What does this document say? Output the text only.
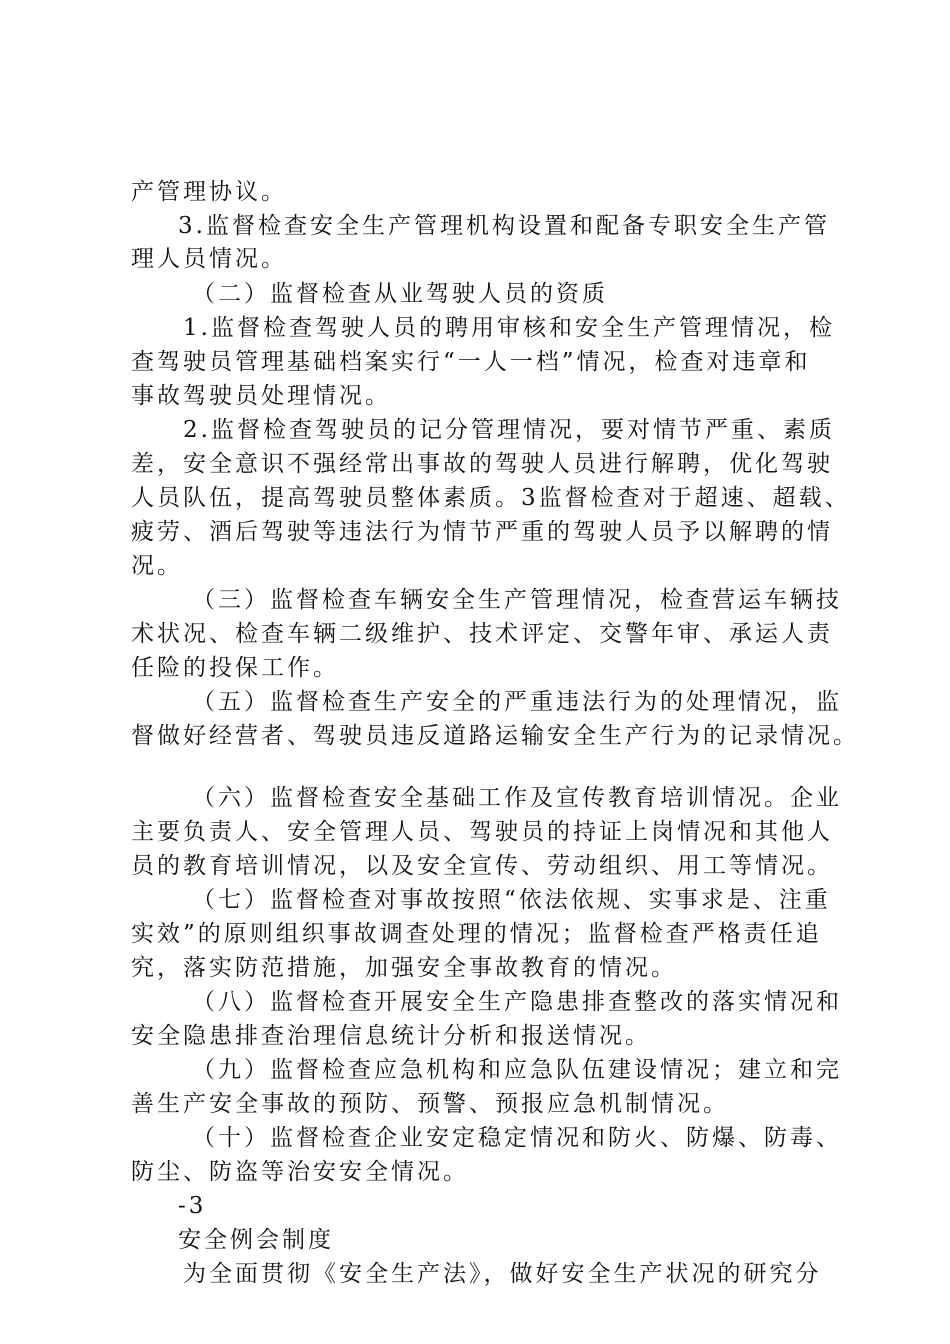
产管理协议。
3.监督检查安全生产管理机构设置和配备专职安全生产管
理人员情况。
（二）监督检查从业驾驶人员的资质
1.监督检查驾驶人员的聘用审核和安全生产管理情况，检
查驾驶员管理基础档案实行“一人一档”情况，检查对违章和
事故驾驶员处理情况。
2.监督检查驾驶员的记分管理情况，要对情节严重、素质
差，安全意识不强经常出事故的驾驶人员进行解聘，优化驾驶
人员队伍，提高驾驶员整体素质。3监督检查对于超速、超载、
疲劳、酒后驾驶等违法行为情节严重的驾驶人员予以解聘的情
况。
（三）监督检查车辆安全生产管理情况，检查营运车辆技
术状况、检查车辆二级维护、技术评定、交警年审、承运人责
任险的投保工作。
（五）监督检查生产安全的严重违法行为的处理情况，监
督做好经营者、驾驶员违反道路运输安全生产行为的记录情况。
（六）监督检查安全基础工作及宣传教育培训情况。企业
主要负责人、安全管理人员、驾驶员的持证上岗情况和其他人
员的教育培训情况，以及安全宣传、劳动组织、用工等情况。
（七）监督检查对事故按照“依法依规、实事求是、注重
实效”的原则组织事故调查处理的情况；监督检查严格责任追
究，落实防范措施，加强安全事故教育的情况。
（八）监督检查开展安全生产隐患排查整改的落实情况和
安全隐患排查治理信息统计分析和报送情况。
（九）监督检查应急机构和应急队伍建设情况；建立和完
善生产安全事故的预防、预警、预报应急机制情况。
（十）监督检查企业安定稳定情况和防火、防爆、防毒、
防尘、防盗等治安安全情况。
-3
安全例会制度
为全面贯彻《安全生产法》，做好安全生产状况的研究分
